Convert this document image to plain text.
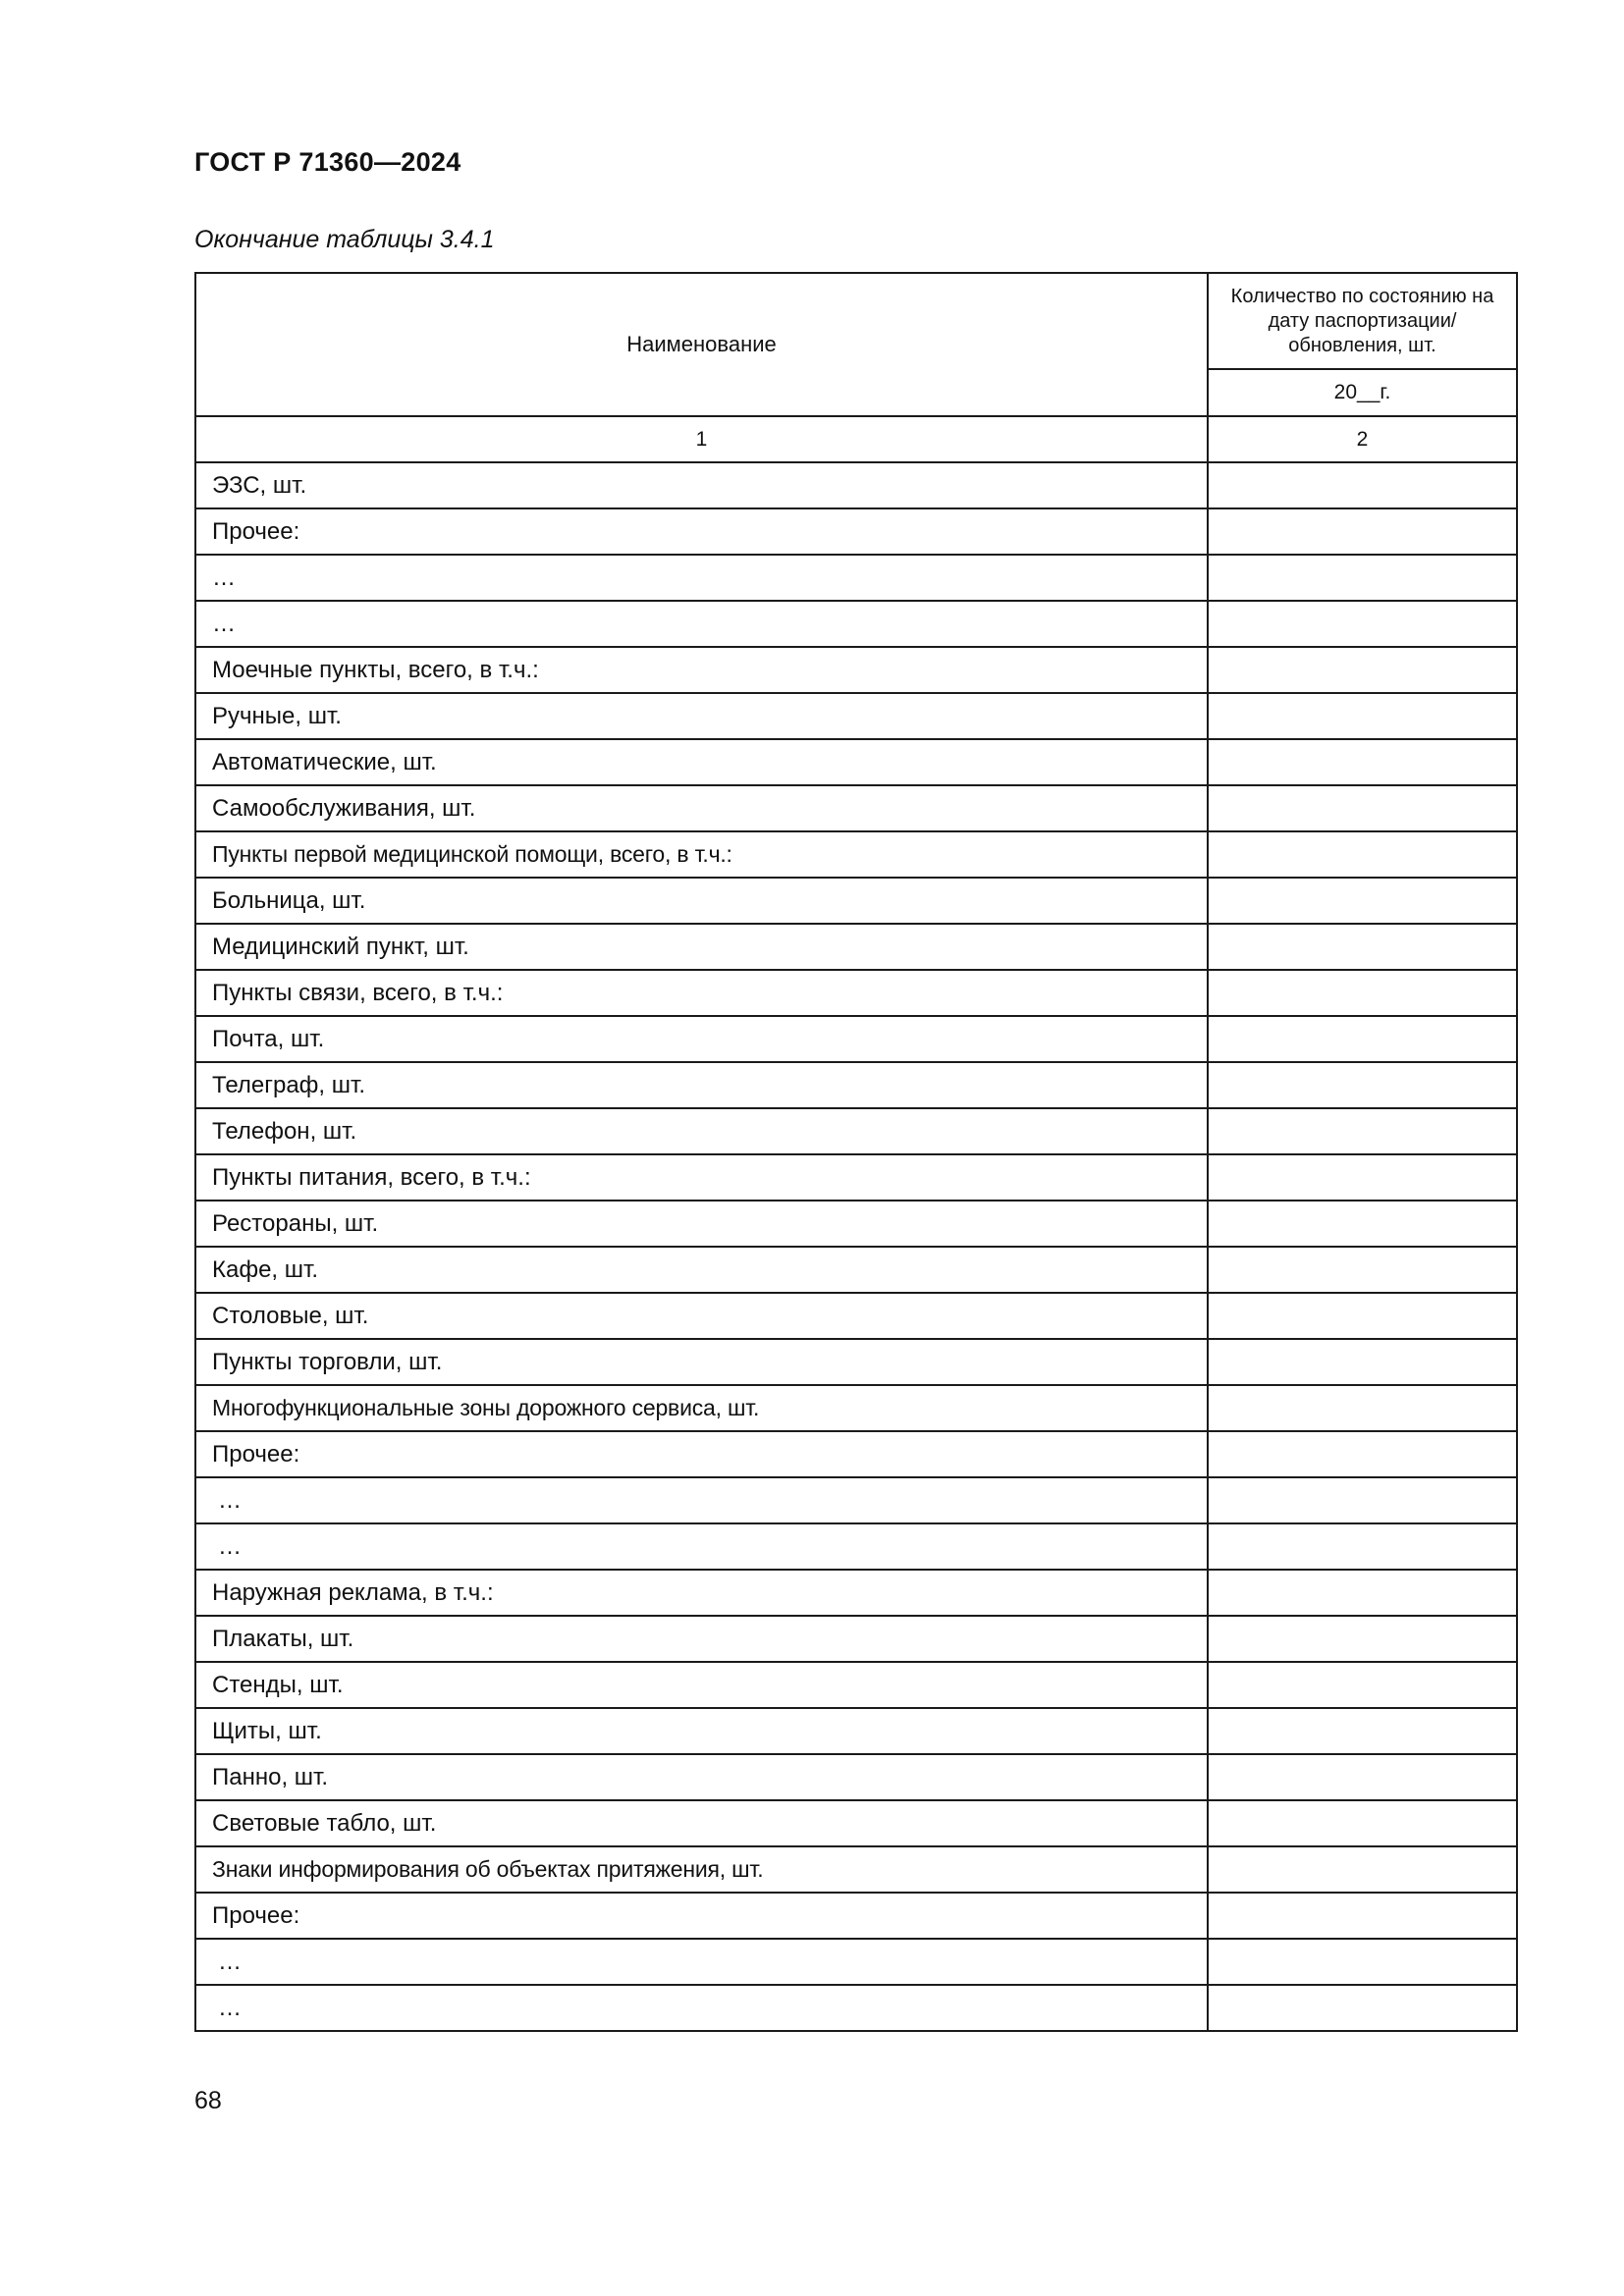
ГОСТ Р 71360—2024
Окончание таблицы 3.4.1
Наименование	Количество по состоянию на дату паспортизации/ обновления, шт.
	20__г.
1	2
ЭЗС, шт.	
Прочее:	
…	
…	
Моечные пункты, всего, в т.ч.:	
Ручные, шт.	
Автоматические, шт.	
Самообслуживания, шт.	
Пункты первой медицинской помощи, всего, в т.ч.:	
Больница, шт.	
Медицинский пункт, шт.	
Пункты связи, всего, в т.ч.:	
Почта, шт.	
Телеграф, шт.	
Телефон, шт.	
Пункты питания, всего, в т.ч.:	
Рестораны, шт.	
Кафе, шт.	
Столовые, шт.	
Пункты торговли, шт.	
Многофункциональные зоны дорожного сервиса, шт.	
Прочее:	
…	
…	
Наружная реклама, в т.ч.:	
Плакаты, шт.	
Стенды, шт.	
Щиты, шт.	
Панно, шт.	
Световые табло, шт.	
Знаки информирования об объектах притяжения, шт.	
Прочее:	
…	
…	
68
